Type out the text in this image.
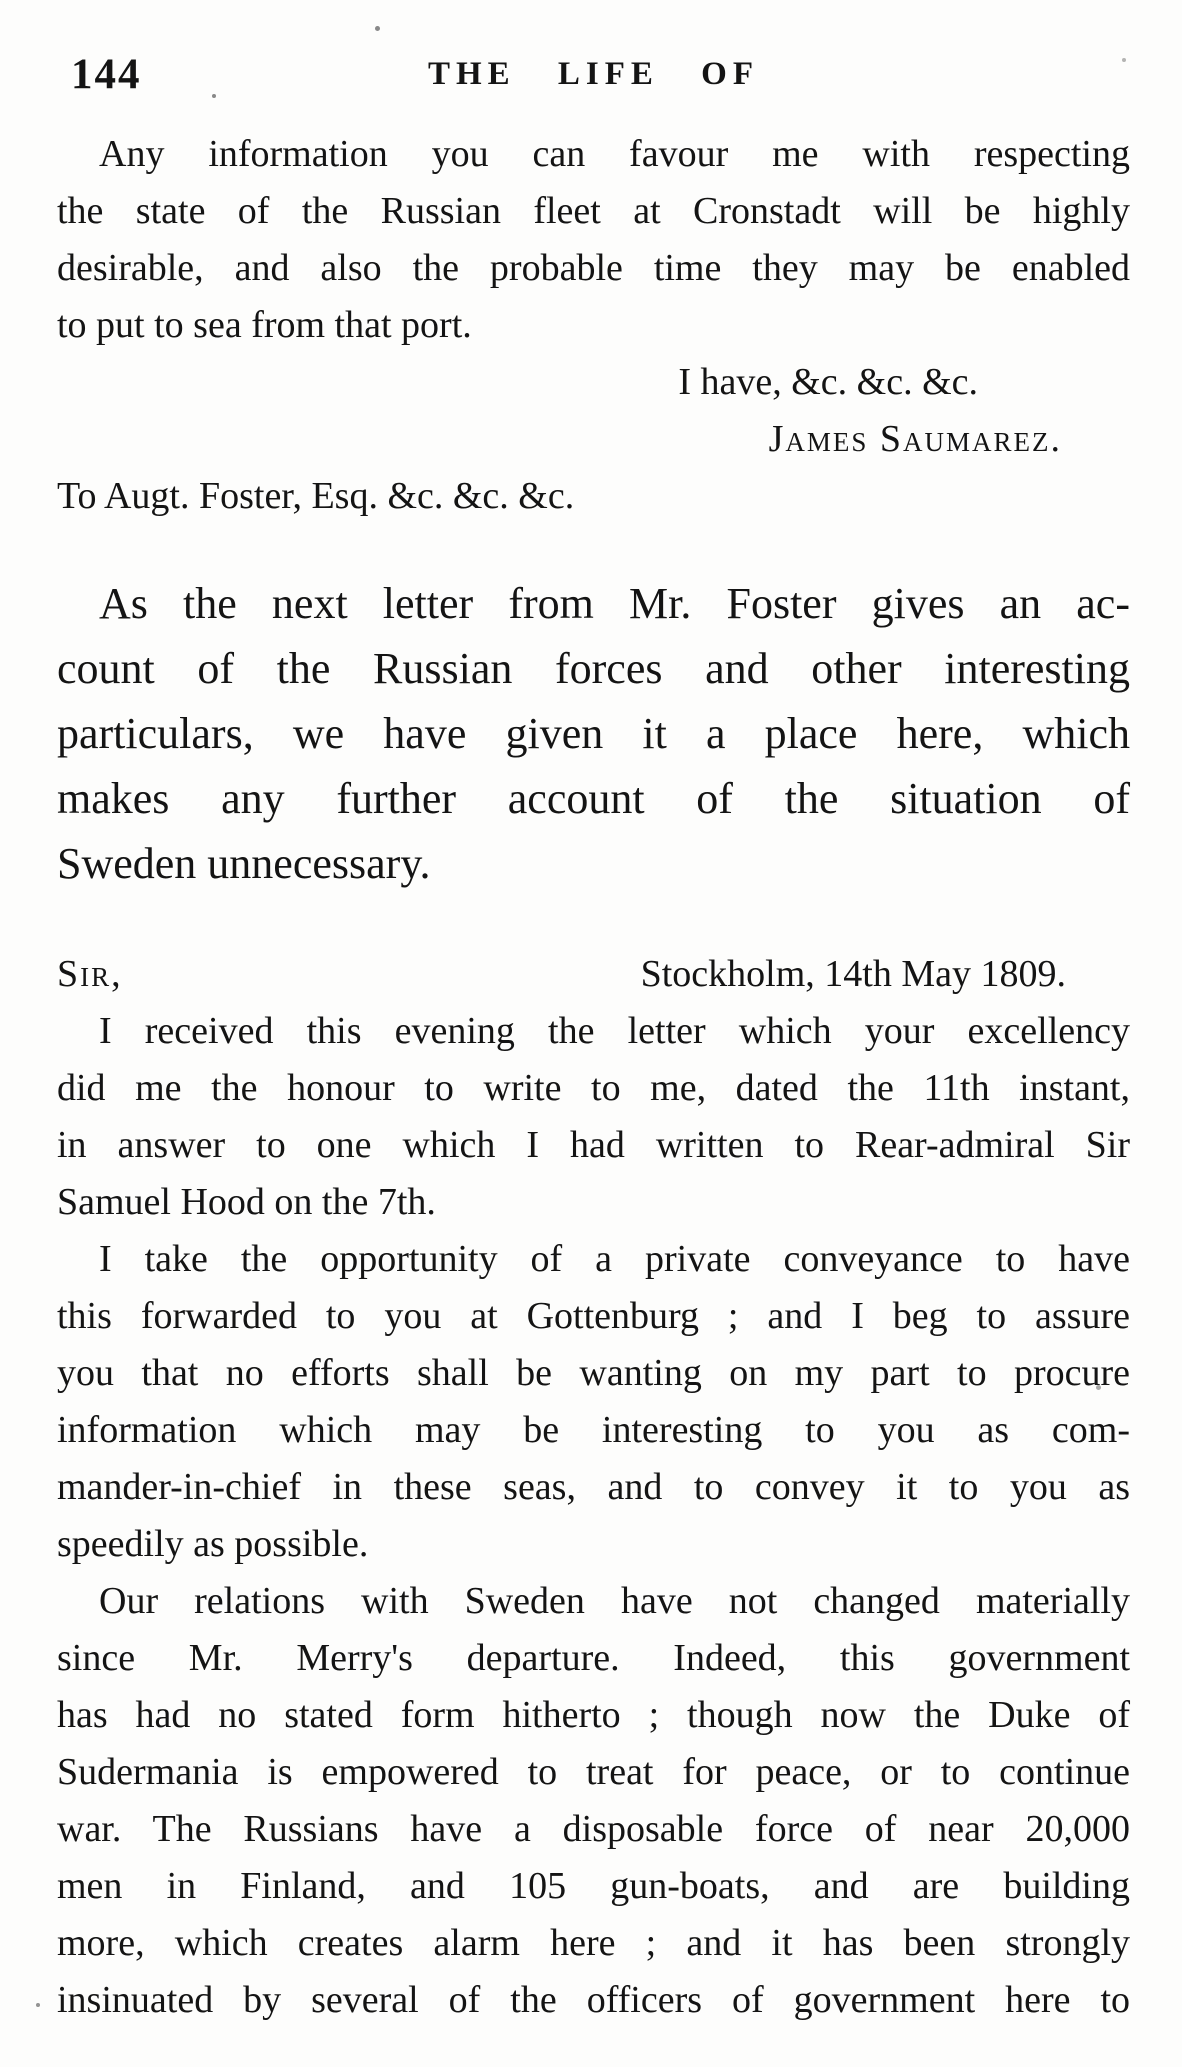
144	THE LIFE OF
Any information you can favour me with respecting
the state of the Russian fleet at Cronstadt will be highly
desirable, and also the probable time they may be enabled
to put to sea from that port.
I have, &c. &c. &c.
James Saumarez.
To Augt. Foster, Esq. &c. &c. &c.
As the next letter from Mr. Foster gives an ac-
count of the Russian forces and other interesting
particulars, we have given it a place here, which
makes any further account of the situation of
Sweden unnecessary.
Sir,	Stockholm, 14th May 1809.
I received this evening the letter which your excellency
did me the honour to write to me, dated the 11th instant,
in answer to one which I had written to Rear-admiral Sir
Samuel Hood on the 7th.
I take the opportunity of a private conveyance to have
this forwarded to you at Gottenburg ; and I beg to assure
you that no efforts shall be wanting on my part to procure
information which may be interesting to you as com-
mander-in-chief in these seas, and to convey it to you as
speedily as possible.
Our relations with Sweden have not changed materially
since Mr. Merry's departure. Indeed, this government
has had no stated form hitherto ; though now the Duke of
Sudermania is empowered to treat for peace, or to continue
war. The Russians have a disposable force of near 20,000
men in Finland, and 105 gun-boats, and are building
more, which creates alarm here ; and it has been strongly
insinuated by several of the officers of government here to
